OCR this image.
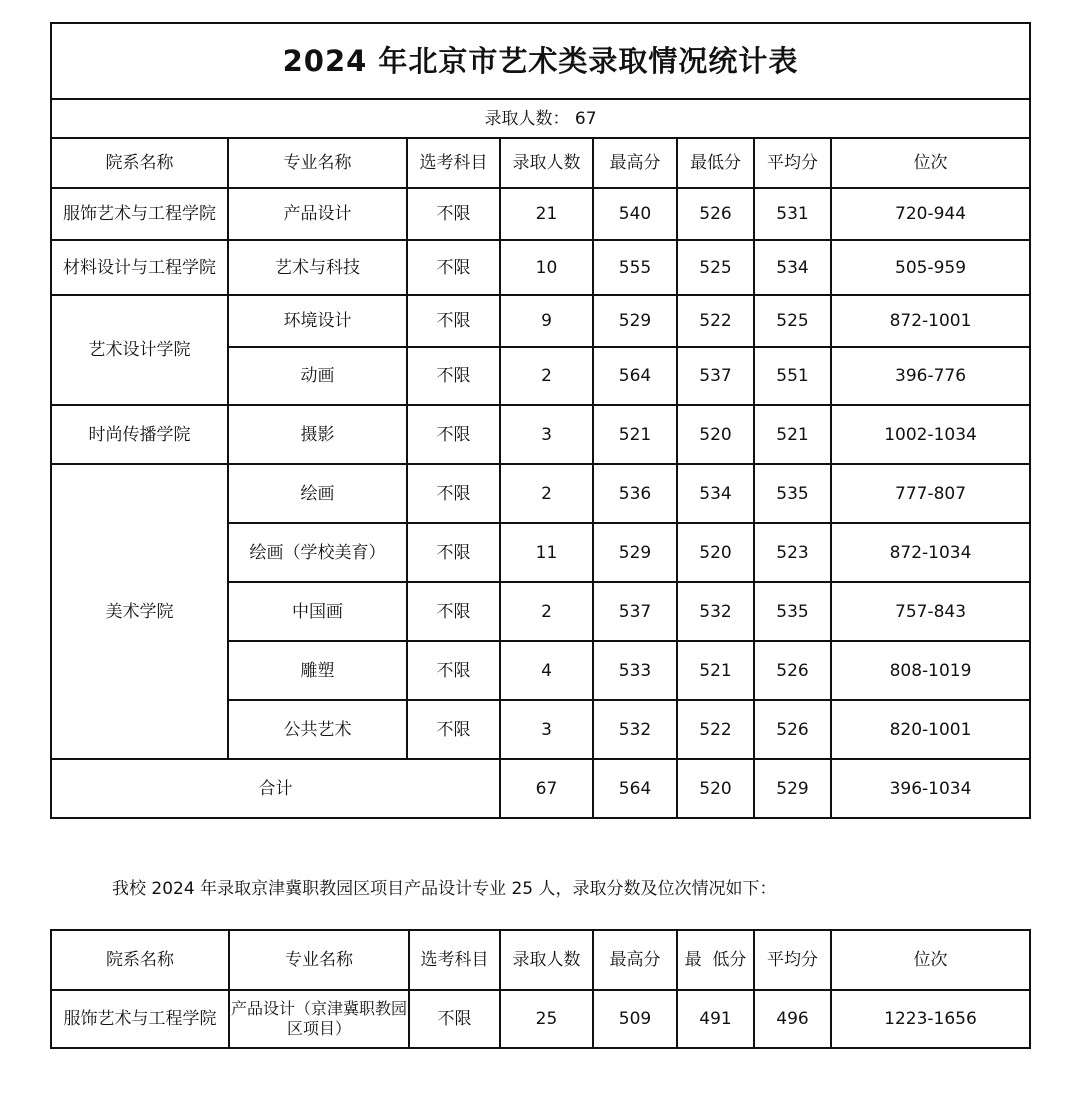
2024 年北京市艺术类录取情况统计表							
录取人数： 67							
院系名称	专业名称	选考科目	录取人数	最高分	最低分	平均分	位次
服饰艺术与工程学院	产品设计	不限	21	540	526	531	720-944
材料设计与工程学院	艺术与科技	不限	10	555	525	534	505-959
艺术设计学院	环境设计	不限	9	529	522	525	872-1001
	动画	不限	2	564	537	551	396-776
时尚传播学院	摄影	不限	3	521	520	521	1002-1034
美术学院	绘画	不限	2	536	534	535	777-807
	绘画（学校美育）	不限	11	529	520	523	872-1034
	中国画	不限	2	537	532	535	757-843
	雕塑	不限	4	533	521	526	808-1019
	公共艺术	不限	3	532	522	526	820-1001
合计			67	564	520	529	396-1034
我校 2024 年录取京津冀职教园区项目产品设计专业 25 人，录取分数及位次情况如下：
院系名称	专业名称	选考科目	录取人数	最高分	最  低分	平均分	位次
服饰艺术与工程学院	产品设计（京津冀职教园区项目）	不限	25	509	491	496	1223-1656
